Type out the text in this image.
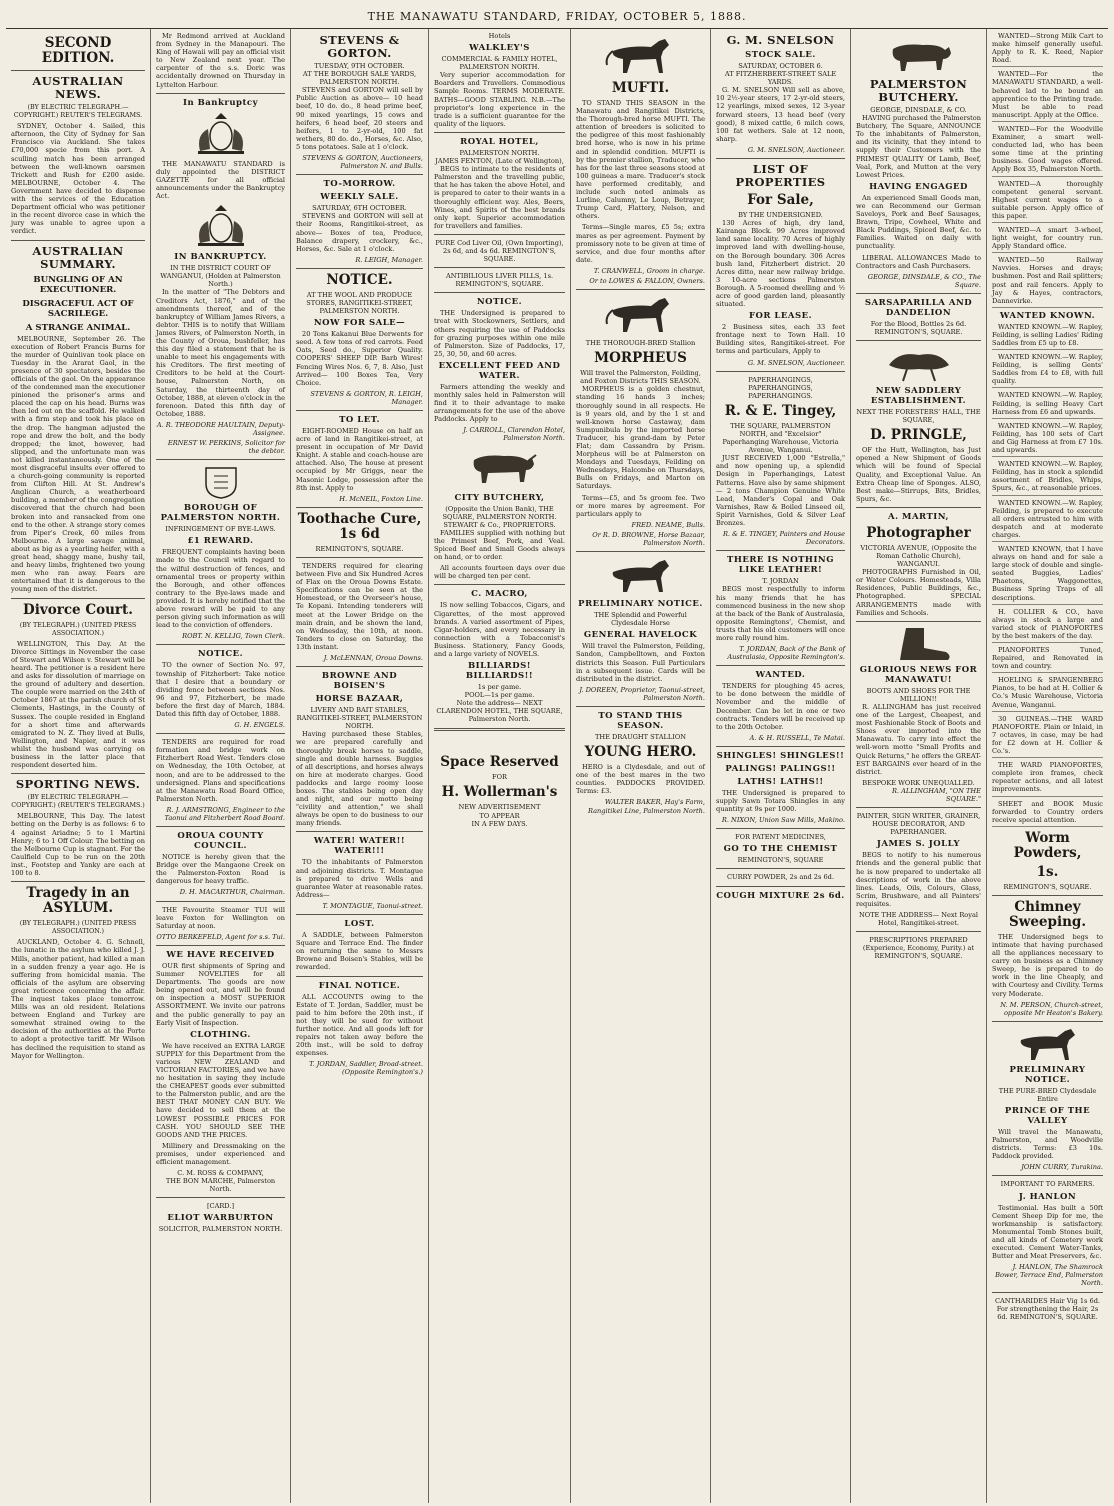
THE MANAWATU STANDARD, FRIDAY, OCTOBER 5, 1888.
SECOND EDITION.
AUSTRALIAN NEWS.
(BY ELECTRIC TELEGRAPH.—COPYRIGHT.) REUTER'S TELEGRAMS.

SYDNEY, October 4. Sailed, this afternoon, the City of Sydney for San Francisco via Auckland. She takes £70,000 specie from this port. A sculling match has been arranged between the well-known oarsmen Trickett and Rush for £200 aside. MELBOURNE, October 4. The Government have decided to dispense with the services of the Education Department official who was petitioner in the recent divorce case in which the jury was unable to agree upon a verdict.

AUSTRALIAN SUMMARY.
BUNGLING OF AN EXECUTIONER.
DISGRACEFUL ACT OF SACRILEGE.
A STRANGE ANIMAL.

MELBOURNE, September 26. The execution of Robert Francis Burns for the murder of Quinlivan took place on Tuesday in the Ararat Gaol, in the presence of 30 spectators, besides the officials of the gaol. On the appearance of the condemned man the executioner pinioned the prisoner's arms and placed the cap on his head. Burns was then led out on the scaffold. He walked with a firm step and took his place on the drop. The hangman adjusted the rope and drew the bolt, and the body dropped; the knot, however, had slipped, and the unfortunate man was not killed instantaneously. One of the most disgraceful insults ever offered to a church-going community is reported from Clifton Hill. At St. Andrew's Anglican Church, a weatherboard building, a member of the congregation discovered that the church had been broken into and ransacked from one end to the other. A strange story comes from Piper's Creek, 60 miles from Melbourne. A large savage animal, about as big as a yearling heifer, with a great head, shaggy mane, bushy tail, and heavy limbs, frightened two young men who ran away. Fears are entertained that it is dangerous to the young men of the district.

Divorce Court.
(BY TELEGRAPH.) (UNITED PRESS ASSOCIATION.)

WELLINGTON, This Day. At the Divorce Sittings in November the case of Stewart and Wilson v. Stewart will be heard. The petitioner is a resident here and asks for dissolution of marriage on the ground of adultery and desertion. The couple were married on the 24th of October 1867 at the parish church of St Clements, Hastings, in the County of Sussex. The couple resided in England for a short time and afterwards emigrated to N. Z. They lived at Bulls, Wellington, and Napier, and it was whilst the husband was carrying on business in the latter place that respondent deserted him.

SPORTING NEWS.
(BY ELECTRIC TELEGRAPH.—COPYRIGHT.) (REUTER'S TELEGRAMS.)

MELBOURNE, This Day. The latest betting on the Derby is as follows: 6 to 4 against Ariadne; 5 to 1 Martini Henry; 6 to 1 Off Colour. The betting on the Melbourne Cup is stagnant. For the Caulfield Cup to be run on the 20th inst., Footstep and Yanky are each at 100 to 8.

Tragedy in an ASYLUM.
(BY TELEGRAPH.) (UNITED PRESS ASSOCIATION.)

AUCKLAND, October 4. G. Schnell, the lunatic in the asylum who killed J. J. Mills, another patient, had killed a man in a sudden frenzy a year ago. He is suffering from homicidal mania. The officials of the asylum are observing great reticence concerning the affair. The inquest takes place tomorrow. Mills was an old resident. Relations between England and Turkey are somewhat strained owing to the decision of the authorities at the Porte to adopt a protective tariff. Mr Wilson has declined the requisition to stand as Mayor for Wellington.

Mr Redmond arrived at Auckland from Sydney in the Manapouri. The King of Hawaii will pay an official visit to New Zealand next year. The carpenter of the s.s. Doric was accidentally drowned on Thursday in Lyttelton Harbour.

In Bankruptcy

THE MANAWATU STANDARD is duly appointed the DISTRICT GAZETTE for all official announcements under the Bankruptcy Act.

IN BANKRUPTCY.
IN THE DISTRICT COURT OF WANGANUI, (Holden at Palmerston North.)

In the matter of "The Debtors and Creditors Act, 1876," and of the amendments thereof, and of the bankruptcy of William James Rivers, a debtor. THIS is to notify that William James Rivers, of Palmerston North, in the County of Oroua, bushfeller, has this day filed a statement that he is unable to meet his engagements with his Creditors. The first meeting of Creditors to be held at the Court-house, Palmerston North, on Saturday, the thirteenth day of October, 1888, at eleven o'clock in the forenoon. Dated this fifth day of October, 1888.

A. R. THEODORE HAULTAIN, Deputy-Assignee.

ERNEST W. PERKINS, Solicitor for the debtor.

BOROUGH OF PALMERSTON NORTH.
INFRINGEMENT OF BYE-LAWS.
£1 REWARD.

FREQUENT complaints having been made to the Council with regard to the wilful destruction of fences, and ornamental trees or property within the Borough, and other offences contrary to the Bye-laws made and provided. It is hereby notified that the above reward will be paid to any person giving such information as will lead to the conviction of offenders.

ROBT. N. KELLIG, Town Clerk.

NOTICE.

TO the owner of Section No. 97, township of Fitzherbert: Take notice that I desire that a boundary or dividing fence between sections Nos. 96 and 97, Fitzherbert, be made before the first day of March, 1884. Dated this fifth day of October, 1888.

G. H. ENGELS.

TENDERS are required for road formation and bridge work on Fitzherbert Road West. Tenders close on Wednesday, the 10th October, at noon, and are to be addressed to the undersigned. Plans and specifications at the Manawatu Road Board Office, Palmerston North.

R. J. ARMSTRONG, Engineer to the Taonui and Fitzherbert Road Board.

OROUA COUNTY COUNCIL.

NOTICE is hereby given that the Bridge over the Mangaone Creek on the Palmerston-Foxton Road is dangerous for heavy traffic.

D. H. MACARTHUR, Chairman.

THE Favourite Steamer TUI will leave Foxton for Wellington on Saturday at noon.

OTTO BERKEFELD, Agent for s.s. Tui.

WE HAVE RECEIVED

OUR first shipments of Spring and Summer NOVELTIES for all Departments. The goods are now being opened out, and will be found on inspection a MOST SUPERIOR ASSORTMENT. We invite our patrons and the public generally to pay an Early Visit of Inspection.

CLOTHING.

We have received an EXTRA LARGE SUPPLY for this Department from the various NEW ZEALAND and VICTORIAN FACTORIES, and we have no hesitation in saying they include the CHEAPEST goods ever submitted to the Palmerston public, and are the BEST THAT MONEY CAN BUY. We have decided to sell them at the LOWEST POSSIBLE PRICES FOR CASH. YOU SHOULD SEE THE GOODS AND THE PRICES.

Millinery and Dressmaking on the premises, under experienced and efficient management.

C. M. ROSS & COMPANY,
THE BON MARCHE, Palmerston North.
[CARD.]
ELIOT WARBURTON
SOLICITOR, PALMERSTON NORTH.
STEVENS & GORTON.
TUESDAY, 9TH OCTOBER.
AT THE BOROUGH SALE YARDS, PALMERSTON NORTH.

STEVENS and GORTON will sell by Public Auction as above— 10 head beef, 10 do. do., 8 head prime beef, 90 mixed yearlings, 15 cows and heifers, 6 head beef, 20 steers and heifers, 1 to 2-yr-old, 100 fat wethers, 80 do. do., Horses, &c. Also, 5 tons potatoes. Sale at 1 o'clock.

STEVENS & GORTON, Auctioneers, Palmerston N. and Bulls.

TO-MORROW.
WEEKLY SALE.
SATURDAY, 6TH OCTOBER.

STEVENS and GORTON will sell at their Rooms, Rangitikei-street, as above— Boxes of tea, Produce, Balance drapery, crockery, &c., Horses, &c. Sale at 1 o'clock.

R. LEIGH, Manager.

NOTICE.
AT THE WOOL AND PRODUCE STORES, RANGITIKEI-STREET, PALMERSTON NORTH.
NOW FOR SALE—

20 Tons Kakanui Blue Derwents for seed. A few tons of red carrots. Feed Oats, Seed do., Superior Quality. COOPERS' SHEEP DIP. Barb Wires! Fencing Wires Nos. 6, 7, 8. Also, Just Arrived— 100 Boxes Tea, Very Choice.

STEVENS & GORTON, R. LEIGH, Manager.

TO LET.

EIGHT-ROOMED House on half an acre of land in Rangitikei-street, at present in occupation of Mr David Knight. A stable and coach-house are attached. Also, The house at present occupied by Mr Griggs, near the Masonic Lodge, possession after the 8th inst. Apply to

H. McNEIL, Foxton Line.

Toothache Cure, 1s 6d
REMINGTON'S, SQUARE.

TENDERS required for clearing between Five and Six Hundred Acres of Flax on the Oroua Downs Estate. Specifications can be seen at the Homestead, or the Overseer's house, Te Kopani. Intending tenderers will meet at the Lower Bridge on the main drain, and be shown the land, on Wednesday, the 10th, at noon. Tenders to close on Saturday, the 13th instant.

J. McLENNAN, Oroua Downs.

BROWNE AND BOISEN'S
HORSE BAZAAR,
LIVERY AND BAIT STABLES, RANGITIKEI-STREET, PALMERSTON NORTH.

Having purchased these Stables, we are prepared carefully and thoroughly break horses to saddle, single and double harness. Buggies of all descriptions, and horses always on hire at moderate charges. Good paddocks and large roomy loose boxes. The stables being open day and night, and our motto being "civility and attention," we shall always be open to do business to our many friends.

WATER! WATER!! WATER!!!

TO the inhabitants of Palmerston and adjoining districts. T. Montague is prepared to drive Wells and guarantee Water at reasonable rates. Address—

T. MONTAGUE, Taonui-street.

LOST.

A SADDLE, between Palmerston Square and Terrace End. The finder on returning the same to Messrs Browne and Boisen's Stables, will be rewarded.

FINAL NOTICE.

ALL ACCOUNTS owing to the Estate of T. Jordan, Saddler, must be paid to him before the 20th inst., if not they will be sued for without further notice. And all goods left for repairs not taken away before the 20th inst., will be sold to defray expenses.

T. JORDAN, Saddler, Broad-street. (Opposite Remington's.)

Hotels
WALKLEY'S
COMMERCIAL & FAMILY HOTEL, PALMERSTON NORTH.

Very superior accommodation for Boarders and Travellers. Commodious Sample Rooms. TERMS MODERATE. BATHS—GOOD STABLING. N.B.—The proprietor's long experience in the trade is a sufficient guarantee for the quality of the liquors.

ROYAL HOTEL,
PALMERSTON NORTH.
JAMES FENTON, (Late of Wellington),

BEGS to intimate to the residents of Palmerston and the travelling public, that he has taken the above Hotel, and is prepared to cater to their wants in a thoroughly efficient way. Ales, Beers, Wines, and Spirits of the best brands only kept. Superior accommodation for travellers and families.

PURE Cod Liver Oil, (Own Importing), 2s 6d, and 4s 6d. REMINGTON'S, SQUARE.

ANTIBILIOUS LIVER PILLS, 1s. REMINGTON'S, SQUARE.

NOTICE.

THE Undersigned is prepared to treat with Stockowners, Settlers, and others requiring the use of Paddocks for grazing purposes within one mile of Palmerston. Size of Paddocks, 17, 25, 30, 50, and 60 acres.

EXCELLENT FEED AND WATER.

Farmers attending the weekly and monthly sales held in Palmerston will find it to their advantage to make arrangements for the use of the above Paddocks. Apply to

J. CARROLL, Clarendon Hotel, Palmerston North.

CITY BUTCHERY,
(Opposite the Union Bank), THE SQUARE, PALMERSTON NORTH.
STEWART & Co., PROPRIETORS.

FAMILIES supplied with nothing but the Primest Beef, Pork, and Veal. Spiced Beef and Small Goods always on hand, or to order.

All accounts fourteen days over due will be charged ten per cent.

C. MACRO,

IS now selling Tobaccos, Cigars, and Cigarettes, of the most approved brands. A varied assortment of Pipes, Cigar-holders, and every necessary in connection with a Tobacconist's Business. Stationery, Fancy Goods, and a large variety of NOVELS.

BILLIARDS! BILLIARDS!!
1s per game.
POOL—1s per game.

Note the address— NEXT CLARENDON HOTEL, THE SQUARE, Palmerston North.

Space Reserved
FOR
H. Wollerman's
NEW ADVERTISEMENT
TO APPEAR
IN A FEW DAYS.
MUFTI.

TO STAND THIS SEASON in the Manawatu and Rangitikei Districts, the Thorough-bred horse MUFTI. The attention of breeders is solicited to the pedigree of this most fashionably bred horse, who is now in his prime and in splendid condition. MUFTI is by the premier stallion, Traducer, who has for the last three seasons stood at 100 guineas a mare. Traducer's stock have performed creditably, and include such noted animals as Lurline, Calumny, Le Loup, Betrayer, Trump Card, Flattery, Nelson, and others.

Terms—Single mares, £5 5s; extra mares as per agreement. Payment by promissory note to be given at time of service, and due four months after date.

T. CRANWELL, Groom in charge.

Or to LOWES & FALLON, Owners.

THE THOROUGH-BRED Stallion
MORPHEUS
Will travel the Palmerston, Feilding, and Foxton Districts THIS SEASON.

MORPHEUS is a golden chestnut, standing 16 hands 3 inches; thoroughly sound in all respects. He is 9 years old, and by the 1 st and well-known horse Castaway, dam Sumpunibula by the imported horse Traducer, his grand-dam by Peter Flat; dam Cassandra by Prism. Morpheus will be at Palmerston on Mondays and Tuesdays, Feilding on Wednesdays, Halcombe on Thursdays, Bulls on Fridays, and Marton on Saturdays.

Terms—£5, and 5s groom fee. Two or more mares by agreement. For particulars apply to

FRED. NEAME, Bulls.

Or R. D. BROWNE, Horse Bazaar, Palmerston North.

PRELIMINARY NOTICE.
THE Splendid and Powerful Clydesdale Horse
GENERAL HAVELOCK

Will travel the Palmerston, Feilding, Sandon, Campbelltown, and Foxton districts this Season. Full Particulars in a subsequent issue. Cards will be distributed in the district.

J. DOREEN, Proprietor, Taonui-street, Palmerston North.

TO STAND THIS SEASON.
THE DRAUGHT STALLION
YOUNG HERO.

HERO is a Clydesdale, and out of one of the best mares in the two counties. PADDOCKS PROVIDED. Terms: £3.

WALTER BAKER, Hay's Farm, Rangitikei Line, Palmerston North.

G. M. SNELSON
STOCK SALE.
SATURDAY, OCTOBER 6.
AT FITZHERBERT-STREET SALE YARDS.

G. M. SNELSON Will sell as above, 10 2½-year steers, 17 2-yr-old steers, 12 yearlings, mixed sexes, 12 3-year forward steers, 13 head beef (very good), 8 mixed cattle, 6 milch cows, 100 fat wethers. Sale at 12 noon, sharp.

G. M. SNELSON, Auctioneer.

LIST OF PROPERTIES
For Sale,
BY THE UNDERSIGNED.

130 Acres of high, dry land, Kairanga Block. 99 Acres improved land same locality. 70 Acres of highly improved land with dwelling-house, on the Borough boundary. 306 Acres bush land, Fitzherbert district. 20 Acres ditto, near new railway bridge. 3 10-acre sections Palmerston Borough. A 5-roomed dwelling and ½ acre of good garden land, pleasantly situated.

FOR LEASE.

2 Business sites, each 33 feet frontage next to Town Hall. 10 Building sites, Rangitikei-street. For terms and particulars, Apply to

G. M. SNELSON, Auctioneer.

PAPERHANGINGS, PAPERHANGINGS, PAPERHANGINGS.
R. & E. Tingey,
THE SQUARE, PALMERSTON NORTH, and "Excelsior" Paperhanging Warehouse, Victoria Avenue, Wanganui.

JUST RECEIVED 1,000 "Estrella," and now opening up, a splendid Design in Paperhangings, Latest Patterns. Have also by same shipment— 2 tons Champion Genuine White Lead, Mander's Copal and Oak Varnishes, Raw & Boiled Linseed oil, Spirit Varnishes, Gold & Silver Leaf Bronzes.

R. & E. TINGEY, Painters and House Decorators.

THERE IS NOTHING LIKE LEATHER!
T. JORDAN

BEGS most respectfully to inform his many friends that he has commenced business in the new shop at the back of the Bank of Australasia, opposite Remingtons', Chemist, and trusts that his old customers will once more rally round him.

T. JORDAN, Back of the Bank of Australasia, Opposite Remington's.

WANTED.

TENDERS for ploughing 45 acres, to be done between the middle of November and the middle of December. Can be let in one or two contracts. Tenders will be received up to the 20th October.

A. & H. RUSSELL, Te Matai.

SHINGLES! SHINGLES!!
PALINGS! PALINGS!!
LATHS! LATHS!!

THE Undersigned is prepared to supply Sawn Totara Shingles in any quantity at 9s per 1000.

R. NIXON, Union Saw Mills, Makino.

FOR PATENT MEDICINES,
GO TO THE CHEMIST
REMINGTON'S, SQUARE

CURRY POWDER, 2s and 2s 6d.

COUGH MIXTURE 2s 6d.
PALMERSTON BUTCHERY.
GEORGE, DINSDALE, & CO.

HAVING purchased the Palmerston Butchery, The Square, ANNOUNCE To the inhabitants of Palmerston, and its vicinity, that they intend to supply their Customers with the PRIMEST QUALITY Of Lamb, Beef, Veal, Pork, and Mutton at the very Lowest Prices.

HAVING ENGAGED

An experienced Small Goods man, we can Recommend our German Saveloys, Pork and Beef Sausages, Brawn, Tripe, Cowheel, White and Black Puddings, Spiced Beef, &c. to Families. Waited on daily with punctuality.

LIBERAL ALLOWANCES Made to Contractors and Cash Purchasers.

GEORGE, DINSDALE, & CO., The Square.

SARSAPARILLA AND DANDELION
For the Blood, Bottles 2s 6d. REMINGTON'S, SQUARE.
NEW SADDLERY ESTABLISHMENT.
NEXT THE FORESTERS' HALL, THE SQUARE,
D. PRINGLE,

OF the Hutt, Wellington, has Just opened a New Shipment of Goods which will be found of Special Quality, and Exceptional Value. An Extra Cheap line of Sponges. ALSO, Best make—Stirrups, Bits, Bridles, Spurs, &c.

A. MARTIN,
Photographer
VICTORIA AVENUE, (Opposite the Roman Catholic Church), WANGANUI.

PHOTOGRAPHS Furnished in Oil, or Water Colours. Homesteads, Villa Residences, Public Buildings, &c., Photographed. SPECIAL ARRANGEMENTS made with Families and Schools.

GLORIOUS NEWS FOR MANAWATU!
BOOTS AND SHOES FOR THE MILLION!!

R. ALLINGHAM has just received one of the Largest, Cheapest, and most Fashionable Stock of Boots and Shoes ever imported into the Manawatu. To carry into effect the well-worn motto "Small Profits and Quick Returns," he offers the GREAT-EST BARGAINS ever heard of in the district.

BESPOKE WORK UNEQUALLED.

R. ALLINGHAM, "ON THE SQUARE."

PAINTER, SIGN WRITER, GRAINER, HOUSE DECORATOR, AND PAPERHANGER.
JAMES S. JOLLY

BEGS to notify to his numerous friends and the general public that he is now prepared to undertake all descriptions of work in the above lines. Leads, Oils, Colours, Glass, Scrim, Brushware, and all Painters' requisites.

NOTE THE ADDRESS— Next Royal Hotel, Rangitikei-street.

PRESCRIPTIONS PREPARED (Experience, Economy, Purity.) at REMINGTON'S, SQUARE.

WANTED—Strong Milk Cart to make himself generally useful. Apply to R. K. Reed, Napier Road.

WANTED—For the MANAWATU STANDARD, a well-behaved lad to be bound an apprentice to the Printing trade. Must be able to read manuscript. Apply at the Office.

WANTED—For the Woodville Examiner, a smart well-conducted lad, who has been some time at the printing business. Good wages offered. Apply Box 35, Palmerston North.

WANTED—A thoroughly competent general servant. Highest current wages to a suitable person. Apply office of this paper.

WANTED—A smart 3-wheel, light weight, for country run. Apply Standard office.

WANTED—50 Railway Navvies. Horses and drays; bushmen. Post and Rail splitters; post and rail fencers. Apply to Jay & Hayes, contractors, Dannevirke.

WANTED KNOWN.

WANTED KNOWN.—W. Rapley, Feilding, is selling Ladies' Riding Saddles from £5 up to £8.

WANTED KNOWN.—W. Rapley, Feilding, is selling Gents' Saddles from £4 to £8, with full quality.

WANTED KNOWN.—W. Rapley, Feilding, is selling Heavy Cart Harness from £6 and upwards.

WANTED KNOWN.—W. Rapley, Feilding, has 100 sets of Cart and Gig Harness at from £7 10s. and upwards.

WANTED KNOWN.—W. Rapley, Feilding, has in stock a splendid assortment of Bridles, Whips, Spurs, &c., at reasonable prices.

WANTED KNOWN.—W. Rapley, Feilding, is prepared to execute all orders entrusted to him with despatch and at moderate charges.

WANTED KNOWN, that I have always on hand and for sale a large stock of double and single-seated Buggies, Ladies' Phaetons, Waggonettes, Business Spring Traps of all descriptions.

H. COLLIER & CO., have always in stock a large and varied stock of PIANOFORTES by the best makers of the day.

PIANOFORTES Tuned, Repaired, and Renovated in town and country.

HOELING & SPANGENBERG Pianos, to be had at H. Collier & Co.'s Music Warehouse, Victoria Avenue, Wanganui.

30 GUINEAS.—THE WARD PIANOFORTE. Plain or Inlaid, in 7 octaves, in case, may be had for £2 down at H. Collier & Co.'s.

THE WARD PIANOFORTES, complete iron frames, check repeater actions, and all latest improvements.

SHEET and BOOK Music forwarded to Country orders receive special attention.

Worm Powders,
1s.
REMINGTON'S, SQUARE.
Chimney Sweeping.

THE Undersigned begs to intimate that having purchased all the appliances necessary to carry on business as a Chimney Sweep, he is prepared to do work in the line Cheaply, and with Courtesy and Civility. Terms very Moderate.

N. M. PERSON, Church-street, opposite Mr Heaton's Bakery.

PRELIMINARY NOTICE.
THE PURE-BRED Clydesdale Entire
PRINCE OF THE VALLEY

Will travel the Manawatu, Palmerston, and Woodville districts. Terms: £3 10s. Paddock provided.

JOHN CURRY, Turakina.

IMPORTANT TO FARMERS.
J. HANLON

Testimonial. Has built a 50ft Cement Sheep Dip for me, the workmanship is satisfactory. Monumental Tomb Stones built, and all kinds of Cemetery work executed. Cement Water-Tanks, Butter and Meat Preservers, &c.

J. HANLON, The Shamrock Bower, Terrace End, Palmerston North.

CANTHARIDES Hair Vig 1s 6d. For strengthening the Hair, 2s 6d. REMINGTON'S, SQUARE.
